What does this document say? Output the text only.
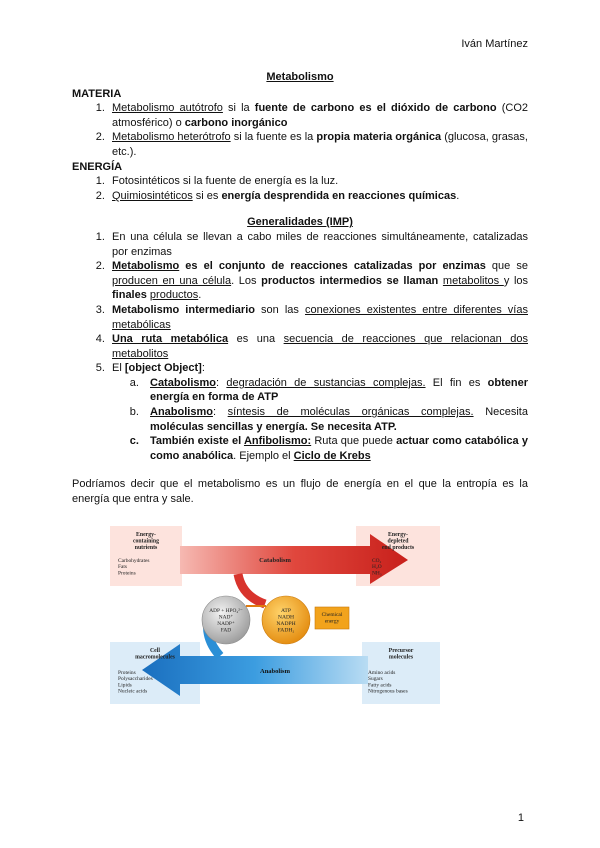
Iván Martínez
Metabolismo
MATERIA
1. Metabolismo autótrofo si la fuente de carbono es el dióxido de carbono (CO2 atmosférico) o carbono inorgánico
2. Metabolismo heterótrofo si la fuente es la propia materia orgánica (glucosa, grasas, etc.).
ENERGÍA
1. Fotosintéticos si la fuente de energía es la luz.
2. Quimiosintéticos si es energía desprendida en reacciones químicas.
Generalidades (IMP)
1. En una célula se llevan a cabo miles de reacciones simultáneamente, catalizadas por enzimas
2. Metabolismo es el conjunto de reacciones catalizadas por enzimas que se producen en una célula. Los productos intermedios se llaman metabolitos y los finales productos.
3. Metabolismo intermediario son las conexiones existentes entre diferentes vías metabólicas
4. Una ruta metabólica es una secuencia de reacciones que relacionan dos metabolitos
5. El [object Object]:
a. Catabolismo: degradación de sustancias complejas. El fin es obtener energía en forma de ATP
b. Anabolismo: síntesis de moléculas orgánicas complejas. Necesita moléculas sencillas y energía. Se necesita ATP.
c. También existe el Anfibolismo: Ruta que puede actuar como catabólica y como anabólica. Ejemplo el Ciclo de Krebs
Podríamos decir que el metabolismo es un flujo de energía en el que la entropía es la energía que entra y sale.
Energy-
containing
nutrients
Carbohydrates
Fats
Proteins
Energy-
depleted
end products
CO₂
H₂O
NH₃
Cell
macromolecules
Proteins
Polysaccharides
Lipids
Nucleic acids
Precursor
molecules
Amino acids
Sugars
Fatty acids
Nitrogenous bases
Catabolism
Anabolism
ADP + HPO₄²⁻
NAD⁺
NADP⁺
FAD
ATP
NADH
NADPH
FADH₂
Chemical
energy
1
